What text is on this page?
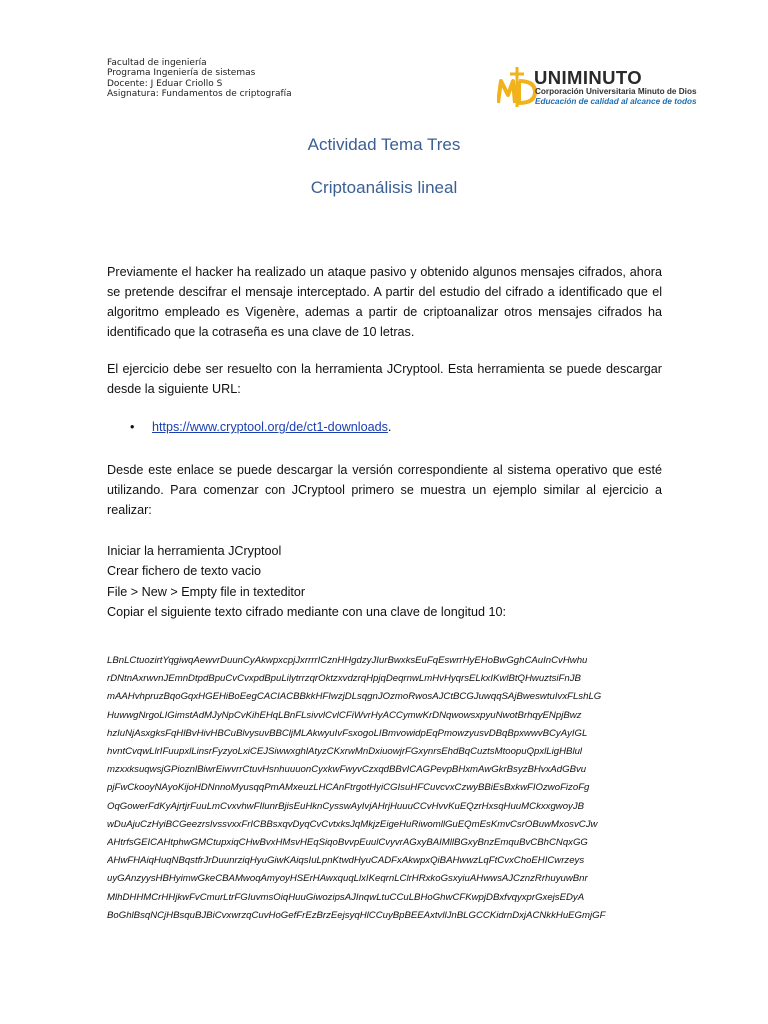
Facultad de ingeniería
Programa Ingeniería de sistemas
Docente: J Eduar Criollo S
Asignatura: Fundamentos de criptografía
UNIMINUTO
Corporación Universitaria Minuto de Dios
Educación de calidad al alcance de todos
Actividad Tema Tres
Criptoanálisis lineal
Previamente el hacker ha realizado un ataque pasivo y obtenido algunos mensajes cifrados, ahora se pretende descifrar el mensaje interceptado. A partir del estudio del cifrado a identificado que el algoritmo empleado es Vigenère, ademas a partir de criptoanalizar otros mensajes cifrados ha identificado que la cotraseña es una clave de 10 letras.
El ejercicio debe ser resuelto con la herramienta JCryptool. Esta herramienta se puede descargar desde la siguiente URL:
• https://www.cryptool.org/de/ct1-downloads.
Desde este enlace se puede descargar la versión correspondiente al sistema operativo que esté utilizando. Para comenzar con JCryptool primero se muestra un ejemplo similar al ejercicio a realizar:
Iniciar la herramienta JCryptool
Crear fichero de texto vacio
File > New > Empty file in texteditor
Copiar el siguiente texto cifrado mediante con una clave de longitud 10:
LBnLCtuozirtYqgiwqAewvrDuunCyAkwpxcpjJxrrrrICznHHgdzyJIurBwxksEuFqEswrrHyEHoBwGghCAuInCvHwhu
rDNtnAxrwvnJEmnDtpdBpuCvCvxpdBpuLilytrrzqrOktzxvdzrqHpjqDeqrnwLmHvHyqrsELkxIKwlBtQHwuztsiFnJB
mAAHvhpruzBqoGqxHGEHiBoEegCACIACBBkkHFIwzjDLsqgnJOzmoRwosAJCtBCGJuwqqSAjBweswtuIvxFLshLG
HuwwgNrgoLIGimstAdMJyNpCvKihEHqLBnFLsivvlCvlCFiWvrHyACCymwKrDNqwowsxpyuNwotBrhqyENpjBwz
hzIuNjAsxgksFqHlBvHivHBCuBlvysuvBBCljMLAkwyuIvFsxogoLIBmvowidpEqPmowzyusvDBqBpxwwvBCyAyIGL
hvntCvqwLlrIFuupxlLinsrFyzyoLxiCEJSiwwxghlAtyzCKxrwMnDxiuowjrFGxynrsEhdBqCuztsMtoopuQpxlLigHBlul
mzxxksuqwsjGPioznlBiwrEiwvrrCtuvHsnhuuuonCyxkwFwyvCzxqdBBvICAGPevpBHxmAwGkrBsyzBHvxAdGBvu
pjFwCkooyNAyoKijoHDNnnoMyusqqPmAMxeuzLHCAnFtrgotHyiCGIsuHFCuvcvxCzwyBBiEsBxkwFIOzwoFizoFg
OqGowerFdKyAjrtjrFuuLmCvxvhwFIlunrBjisEuHknCysswAyIvjAHrjHuuuCCvHvvKuEQzrHxsqHuuMCkxxgwoyJB
wDuAjuCzHyiBCGeezrsIvssvxxFrICBBsxqvDyqCvCvtxksJqMkjzEigeHuRiwomllGuEQmEsKmvCsrOBuwMxosvCJw
AHtrfsGEICAHtphwGMCtupxiqCHwBvxHMsvHEqSiqoBvvpEuulCvyvrAGxyBAIMllBGxyBnzEmquBvCBhCNqxGG
AHwFHAiqHuqNBqstfrJrDuunrziqHyuGiwKAiqsIuLpnKtwdHyuCADFxAkwpxQiBAHwwzLqFtCvxChoEHICwrzeys
uyGAnzyysHBHyimwGkeCBAMwoqAmyoyHSErHAwxquqLlxIKeqrnLClrHRxkoGsxyiuAHwwsAJCznzRrhuyuwBnr
MlhDHHMCrHHjkwFvCmurLtrFGIuvmsOiqHuuGiwozipsAJInqwLtuCCuLBHoGhwCFKwpjDBxfvqyxprGxejsEDyA
BoGhlBsqNCjHBsquBJBiCvxwrzqCuvHoGefFrEzBrzEejsyqHlCCuyBpBEEAxtvllJnBLGCCKidrnDxjACNkkHuEGmjGF
